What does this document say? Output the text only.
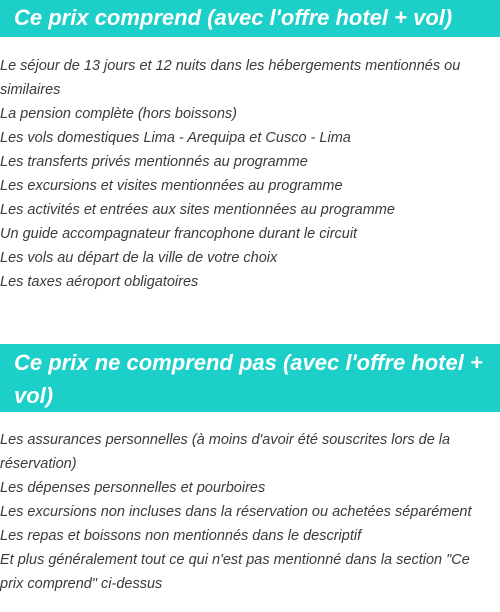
Ce prix comprend (avec l'offre hotel + vol)
Le séjour de 13 jours et 12 nuits dans les hébergements mentionnés ou similaires
La pension complète (hors boissons)
Les vols domestiques Lima - Arequipa et Cusco - Lima
Les transferts privés mentionnés au programme
Les excursions et visites mentionnées au programme
Les activités et entrées aux sites mentionnées au programme
Un guide accompagnateur francophone durant le circuit
Les vols au départ de la ville de votre choix
Les taxes aéroport obligatoires
Ce prix ne comprend pas (avec l'offre hotel + vol)
Les assurances personnelles (à moins d'avoir été souscrites lors de la réservation)
Les dépenses personnelles et pourboires
Les excursions non incluses dans la réservation ou achetées séparément
Les repas et boissons non mentionnés dans le descriptif
Et plus généralement tout ce qui n'est pas mentionné dans la section "Ce prix comprend" ci-dessus
